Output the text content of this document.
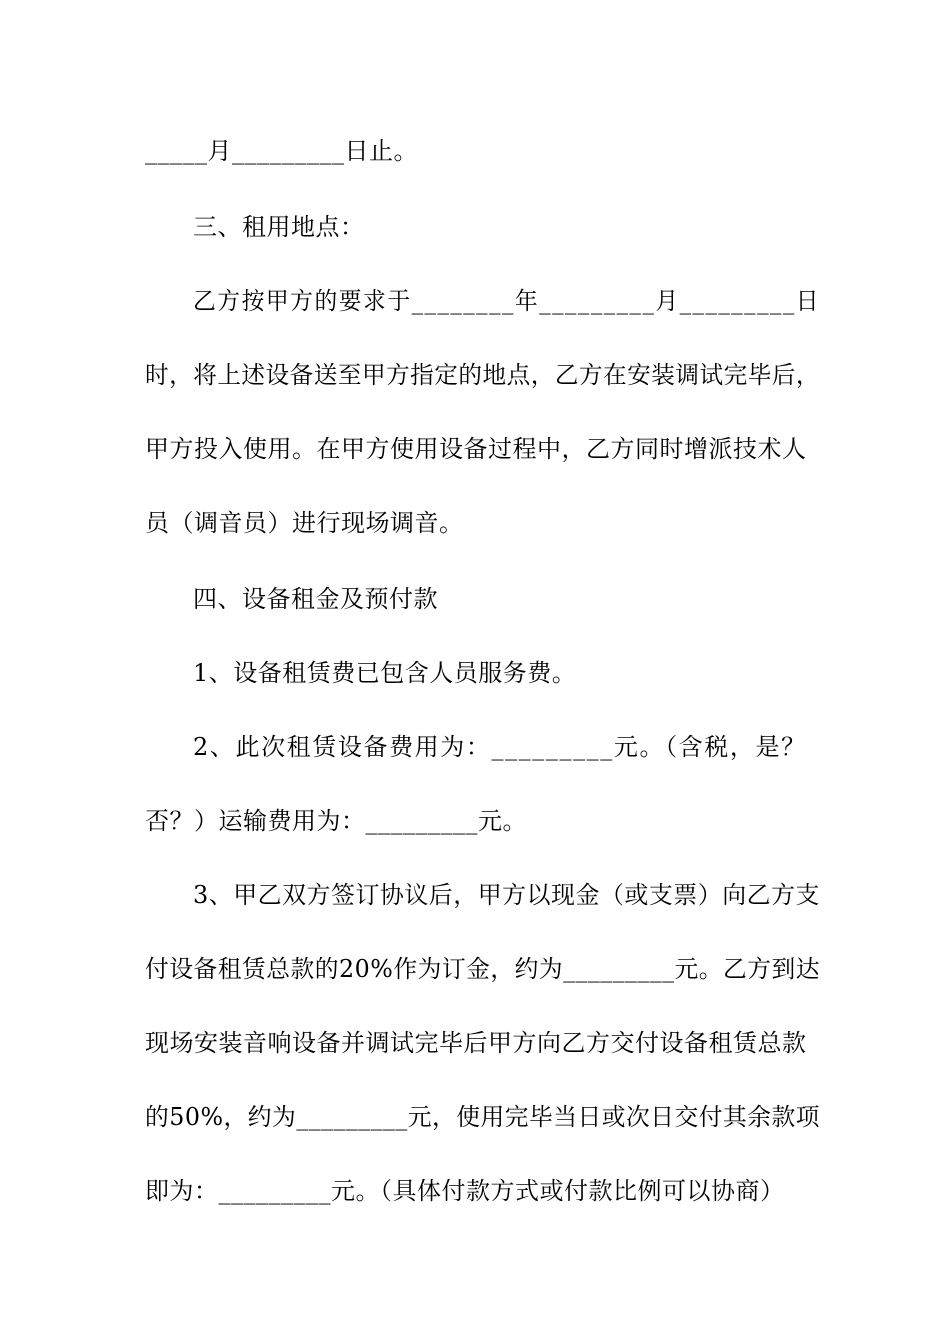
_____月_________日止。
三、租用地点：
乙方按甲方的要求于________年_________月_________日
时，将上述设备送至甲方指定的地点，乙方在安装调试完毕后，
甲方投入使用。在甲方使用设备过程中，乙方同时增派技术人
员（调音员）进行现场调音。
四、设备租金及预付款
1、设备租赁费已包含人员服务费。
2、此次租赁设备费用为：_________元。（含税，是？
否？）运输费用为：_________元。
3、甲乙双方签订协议后，甲方以现金（或支票）向乙方支
付设备租赁总款的20%作为订金，约为_________元。乙方到达
现场安装音响设备并调试完毕后甲方向乙方交付设备租赁总款
的50%，约为_________元，使用完毕当日或次日交付其余款项
即为：_________元。（具体付款方式或付款比例可以协商）
